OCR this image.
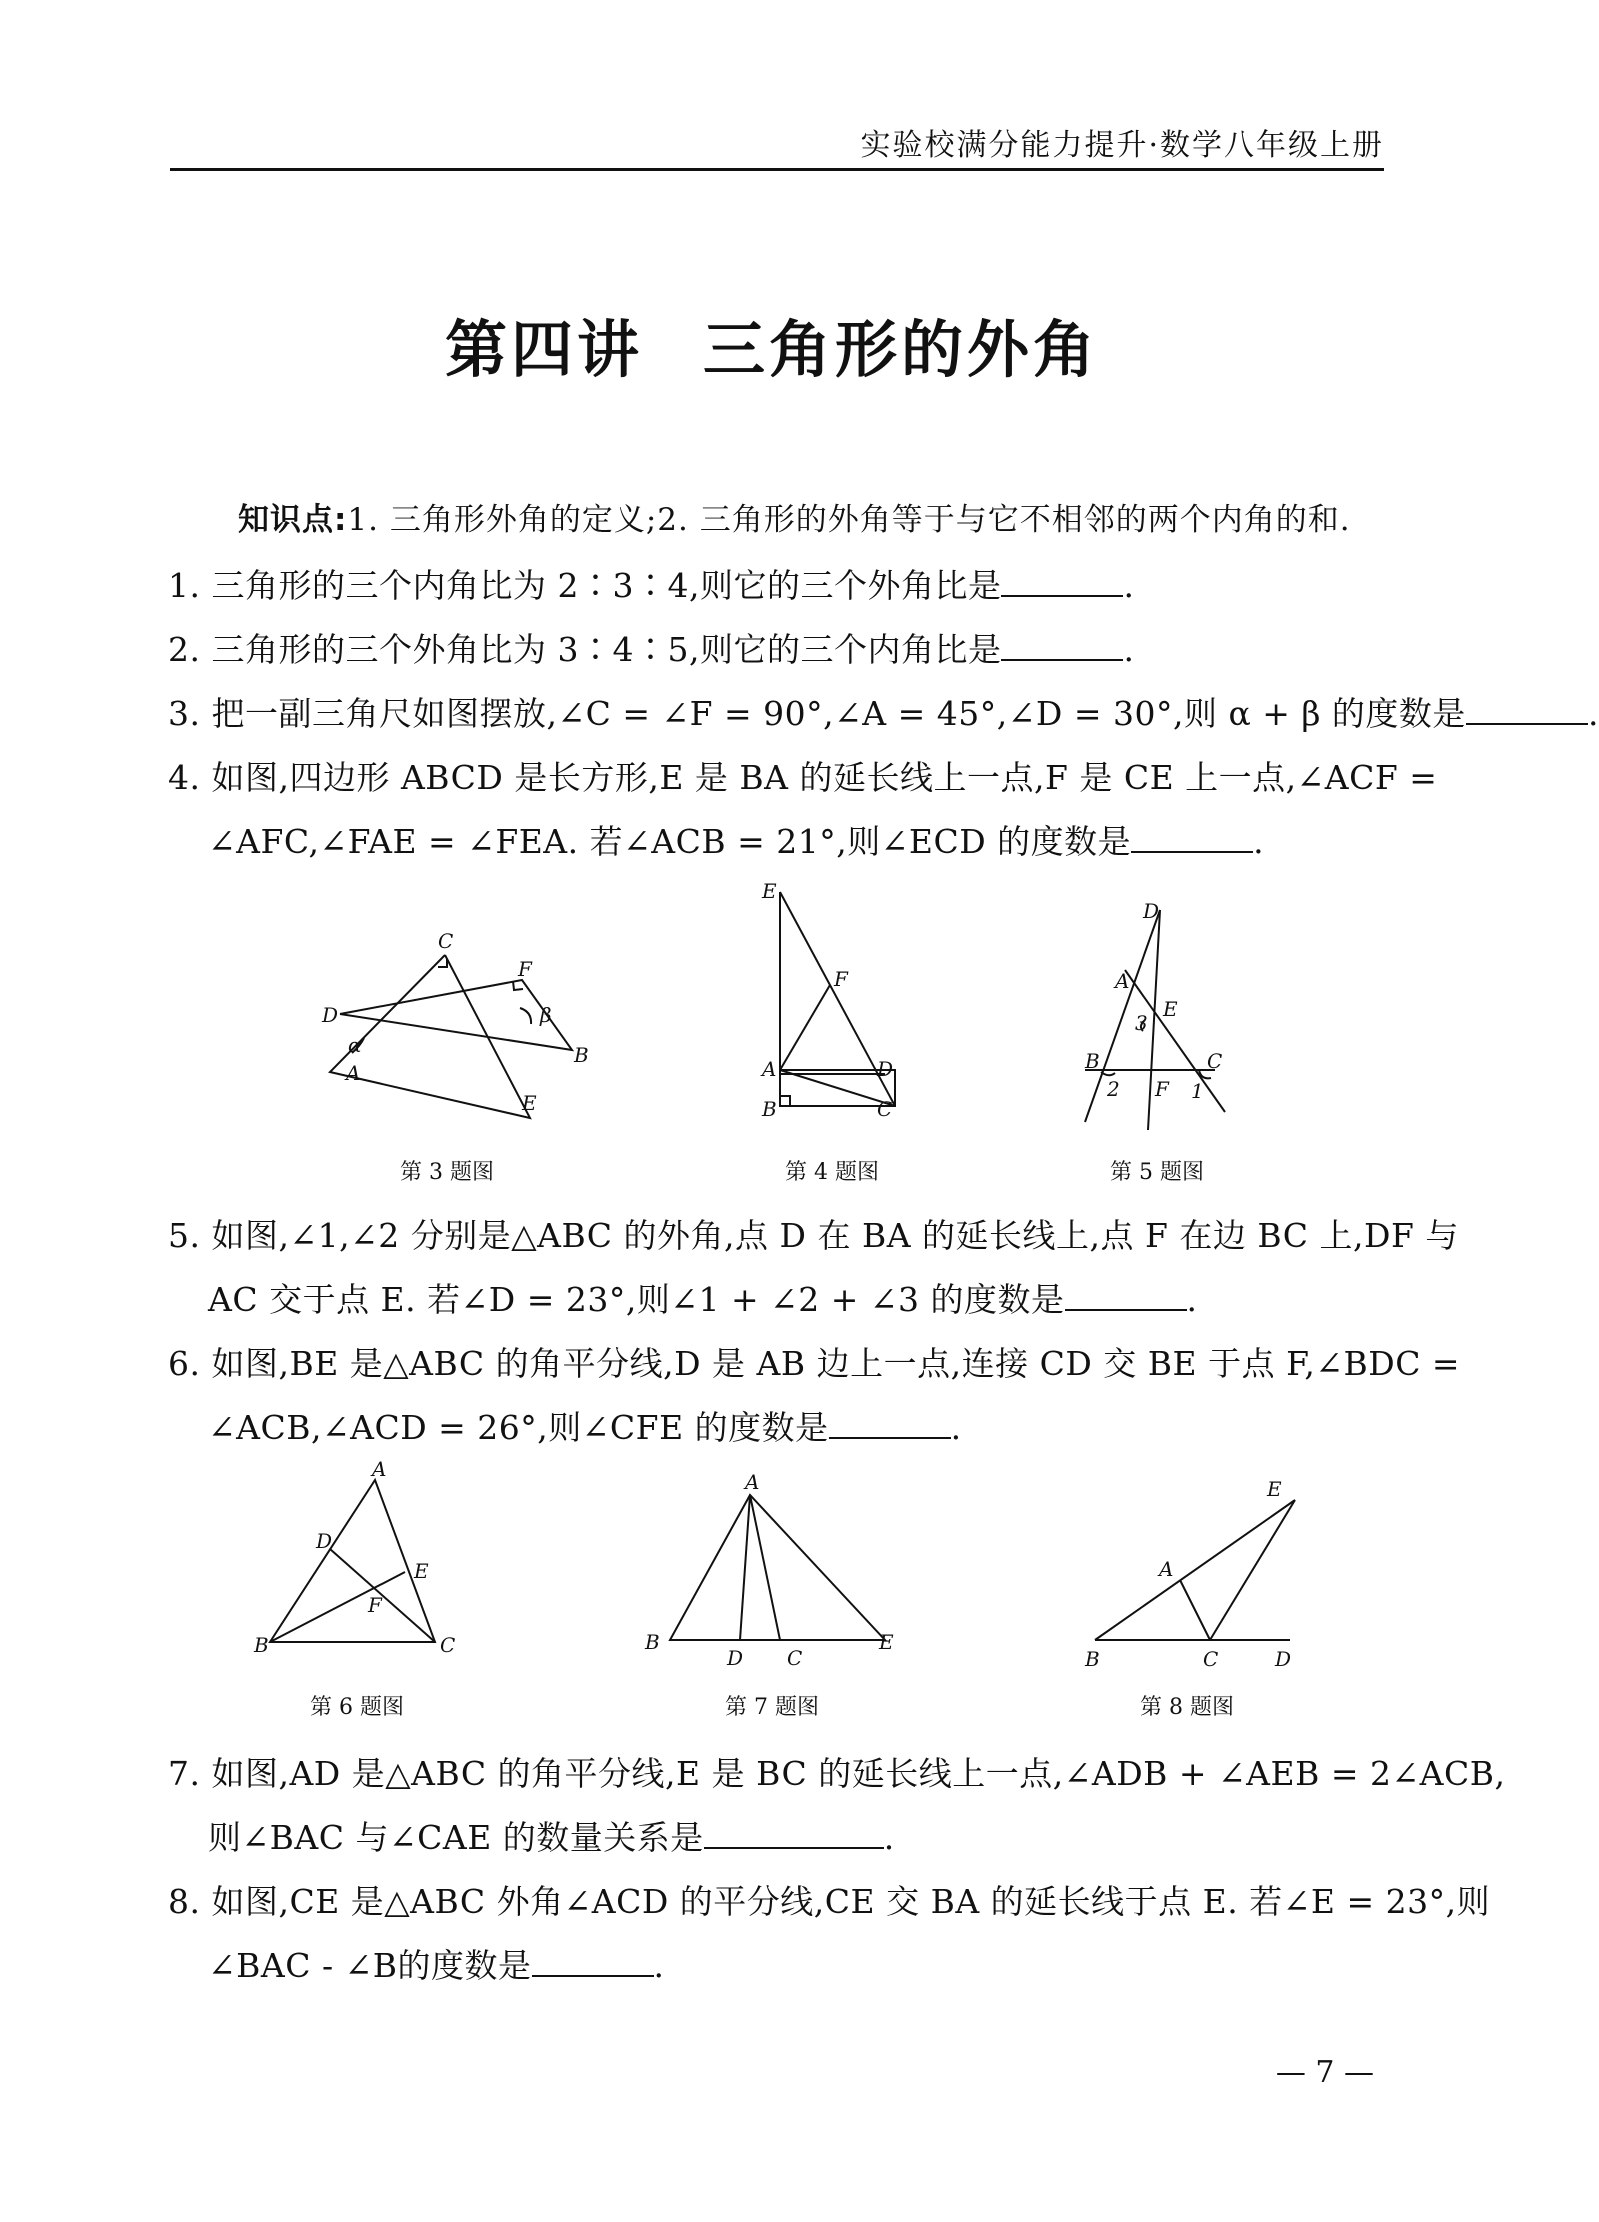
实验校满分能力提升·数学八年级上册
第四讲 三角形的外角
知识点:1. 三角形外角的定义;2. 三角形的外角等于与它不相邻的两个内角的和.
1. 三角形的三个内角比为 2∶3∶4,则它的三个外角比是	.
2. 三角形的三个外角比为 3∶4∶5,则它的三个内角比是	.
3. 把一副三角尺如图摆放,∠C = ∠F = 90°,∠A = 45°,∠D = 30°,则 α + β 的度数是	.
4. 如图,四边形 ABCD 是长方形,E 是 BA 的延长线上一点,F 是 CE 上一点,∠ACF =
∠AFC,∠FAE = ∠FEA. 若∠ACB = 21°,则∠ECD 的度数是	.
C
F
D
B
α
β
A
E
第 3 题图
E
F
A	D
B	C
第 4 题图
D
A
E
3
B	C
2 F 1
第 5 题图
5. 如图,∠1,∠2 分别是△ABC 的外角,点 D 在 BA 的延长线上,点 F 在边 BC 上,DF 与
AC 交于点 E. 若∠D = 23°,则∠1 + ∠2 + ∠3 的度数是	.
6. 如图,BE 是△ABC 的角平分线,D 是 AB 边上一点,连接 CD 交 BE 于点 F,∠BDC =
∠ACB,∠ACD = 26°,则∠CFE 的度数是	.
A
D
E
F
B	C
第 6 题图
A
B
D C
E
第 7 题图
E
A
B	C	D
第 8 题图
7. 如图,AD 是△ABC 的角平分线,E 是 BC 的延长线上一点,∠ADB + ∠AEB = 2∠ACB,
则∠BAC 与∠CAE 的数量关系是	.
8. 如图,CE 是△ABC 外角∠ACD 的平分线,CE 交 BA 的延长线于点 E. 若∠E = 23°,则
∠BAC - ∠B的度数是	.
— 7 —
